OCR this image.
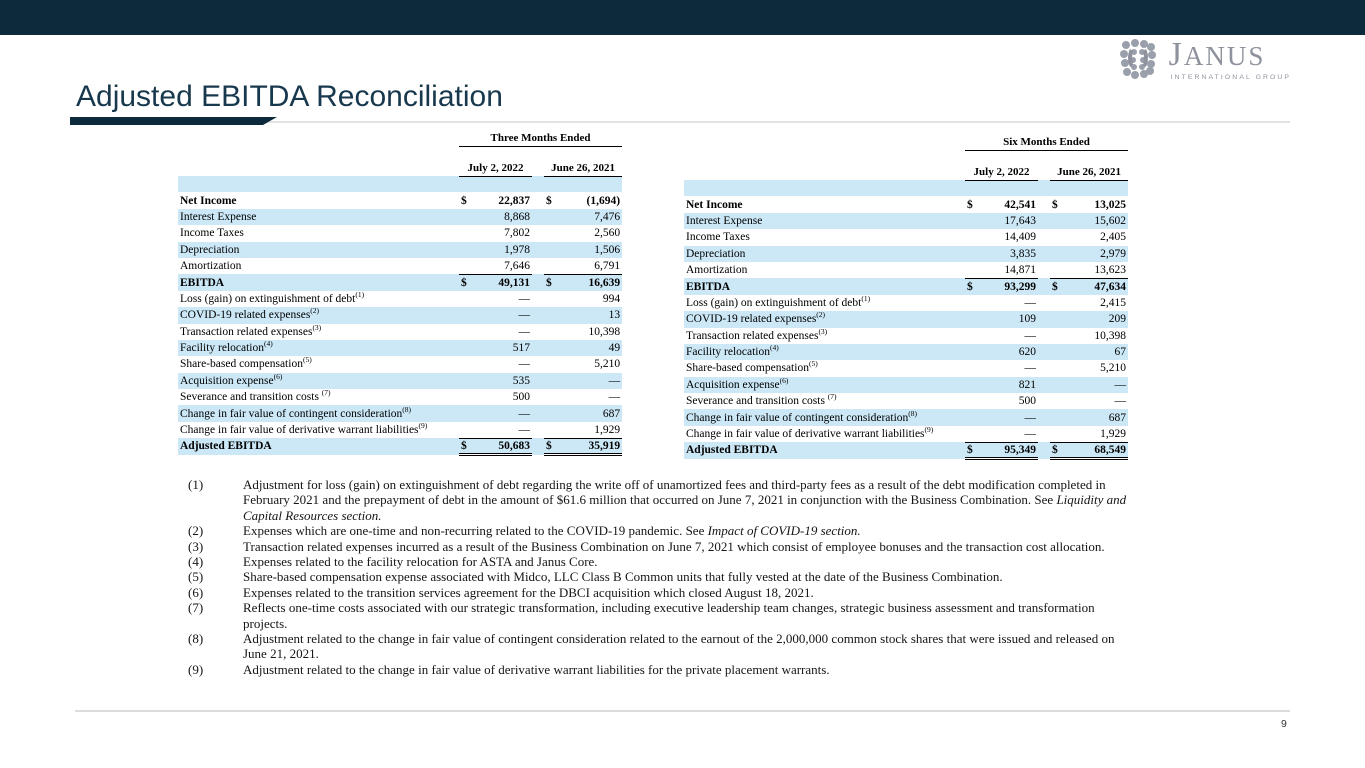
JANUS
INTERNATIONAL GROUP
Adjusted EBITDA Reconciliation
	Three Months Ended				

	July 2, 2022			June 26, 2021	

Net Income	$	22,837		$	(1,694)
Interest Expense		8,868			7,476
Income Taxes		7,802			2,560
Depreciation		1,978			1,506
Amortization		7,646			6,791
EBITDA	$	49,131		$	16,639
Loss (gain) on extinguishment of debt$^{(1)}$		—			994
COVID-19 related expenses$^{(2)}$		—			13
Transaction related expenses$^{(3)}$		—			10,398
Facility relocation$^{(4)}$		517			49
Share-based compensation$^{(5)}$		—			5,210
Acquisition expense$^{(6)}$		535			—
Severance and transition costs $^{(7)}$		500			—
Change in fair value of contingent consideration$^{(8)}$		—			687
Change in fair value of derivative warrant liabilities$^{(9)}$		—			1,929
Adjusted EBITDA	$	50,683		$	35,919
	Six Months Ended				

	July 2, 2022			June 26, 2021	

Net Income	$	42,541		$	13,025
Interest Expense		17,643			15,602
Income Taxes		14,409			2,405
Depreciation		3,835			2,979
Amortization		14,871			13,623
EBITDA	$	93,299		$	47,634
Loss (gain) on extinguishment of debt$^{(1)}$		—			2,415
COVID-19 related expenses$^{(2)}$		109			209
Transaction related expenses$^{(3)}$		—			10,398
Facility relocation$^{(4)}$		620			67
Share-based compensation$^{(5)}$		—			5,210
Acquisition expense$^{(6)}$		821			—
Severance and transition costs $^{(7)}$		500			—
Change in fair value of contingent consideration$^{(8)}$		—			687
Change in fair value of derivative warrant liabilities$^{(9)}$		—			1,929
Adjusted EBITDA	$	95,349		$	68,549
(1)	Adjustment for loss (gain) on extinguishment of debt regarding the write off of unamortized fees and third-party fees as a result of the debt modification completed in February 2021 and the prepayment of debt in the amount of $61.6 million that occurred on June 7, 2021 in conjunction with the Business Combination. See Liquidity and Capital Resources section.
(2)	Expenses which are one-time and non-recurring related to the COVID-19 pandemic. See Impact of COVID-19 section.
(3)	Transaction related expenses incurred as a result of the Business Combination on June 7, 2021 which consist of employee bonuses and the transaction cost allocation.
(4)	Expenses related to the facility relocation for ASTA and Janus Core.
(5)	Share-based compensation expense associated with Midco, LLC Class B Common units that fully vested at the date of the Business Combination.
(6)	Expenses related to the transition services agreement for the DBCI acquisition which closed August 18, 2021.
(7)	Reflects one-time costs associated with our strategic transformation, including executive leadership team changes, strategic business assessment and transformation projects.
(8)	Adjustment related to the change in fair value of contingent consideration related to the earnout of the 2,000,000 common stock shares that were issued and released on June 21, 2021.
(9)	Adjustment related to the change in fair value of derivative warrant liabilities for the private placement warrants.
9
